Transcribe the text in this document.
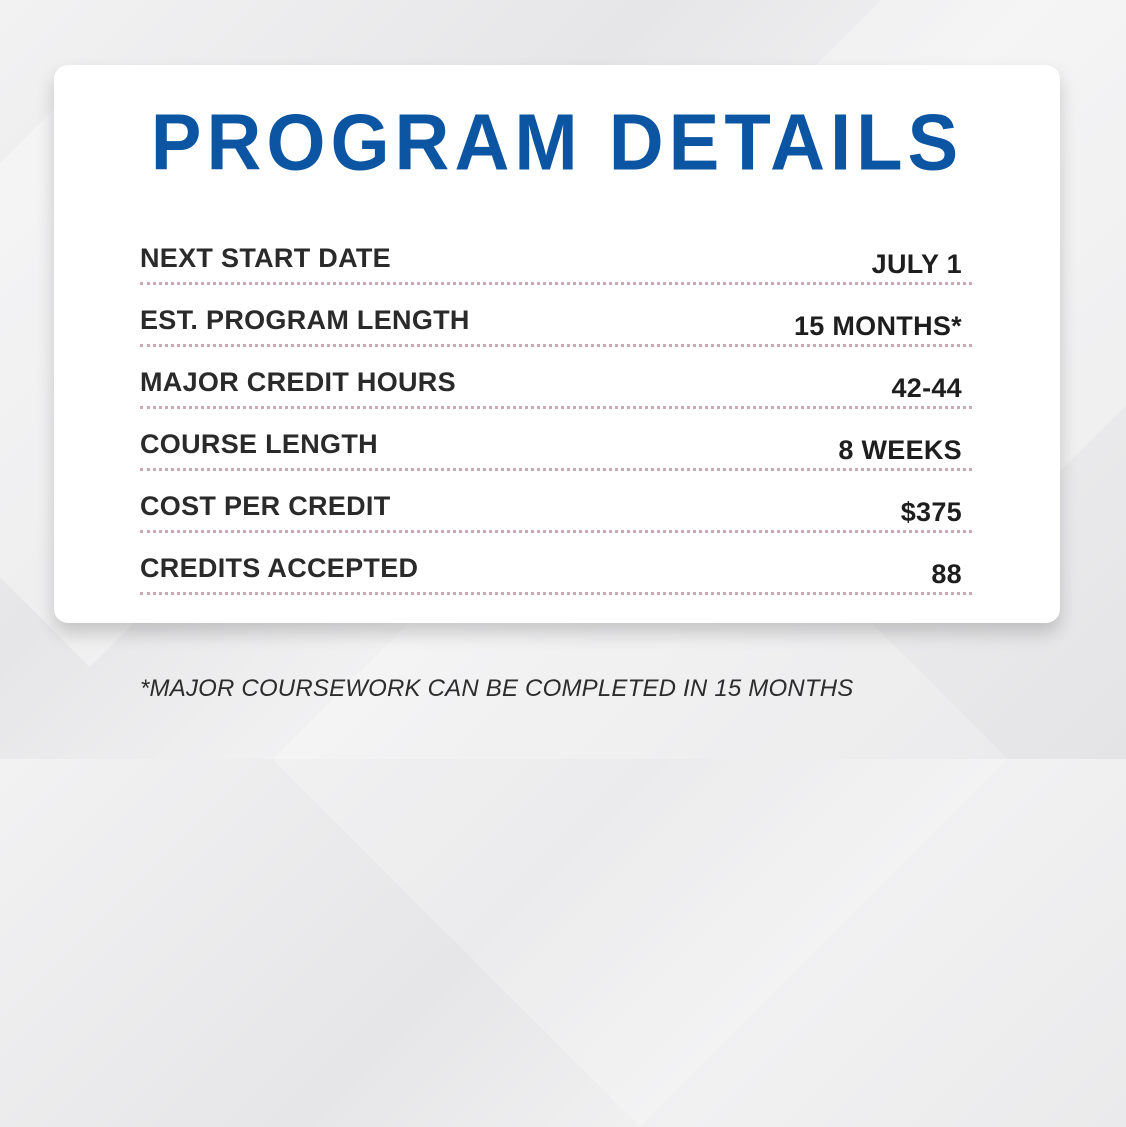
PROGRAM DETAILS
NEXT START DATE	JULY 1
EST. PROGRAM LENGTH	15 MONTHS*
MAJOR CREDIT HOURS	42-44
COURSE LENGTH	8 WEEKS
COST PER CREDIT	$375
CREDITS ACCEPTED	88
*MAJOR COURSEWORK CAN BE COMPLETED IN 15 MONTHS
